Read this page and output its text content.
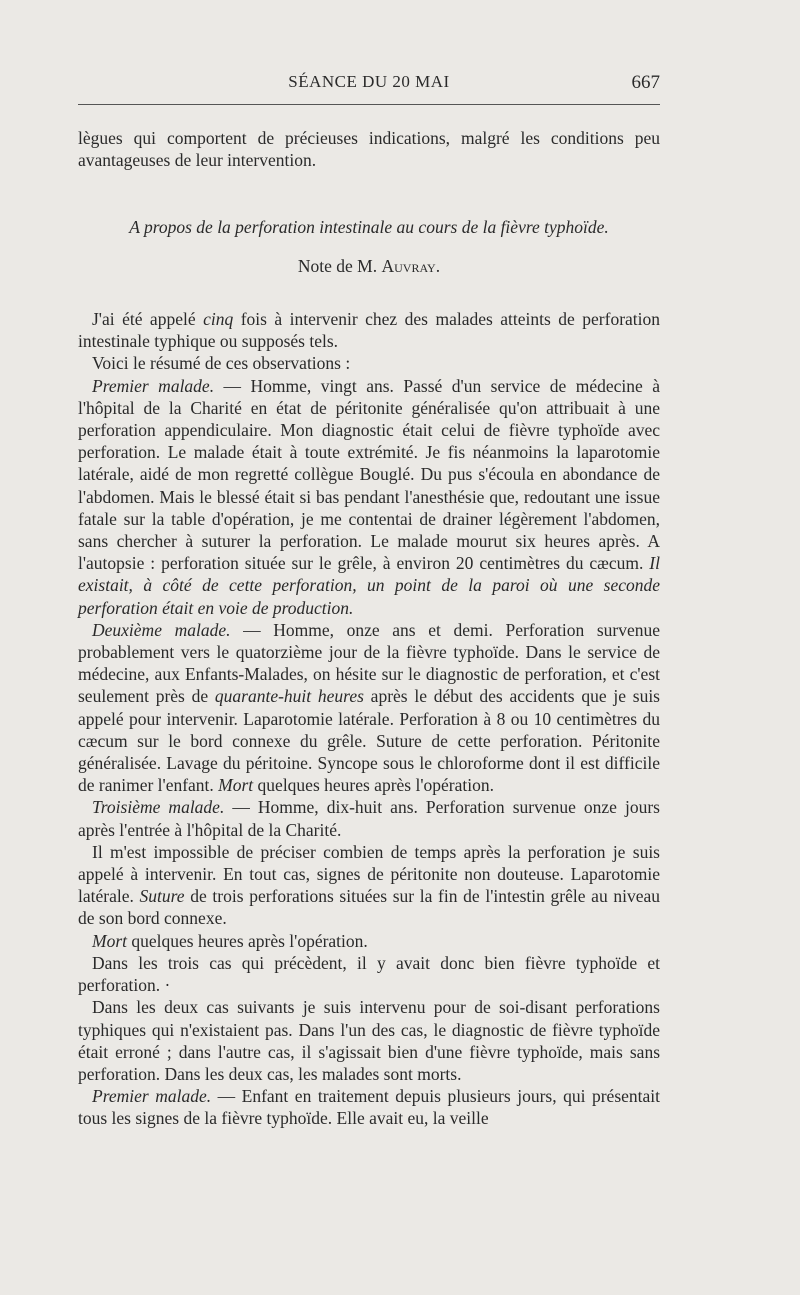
SÉANCE DU 20 MAI	667

lègues qui comportent de précieuses indications, malgré les conditions peu avantageuses de leur intervention.

A propos de la perforation intestinale au cours de la fièvre typhoïde.
Note de M. Auvray.

J'ai été appelé cinq fois à intervenir chez des malades atteints de perforation intestinale typhique ou supposés tels.

Voici le résumé de ces observations :

Premier malade. — Homme, vingt ans. Passé d'un service de médecine à l'hôpital de la Charité en état de péritonite généralisée qu'on attribuait à une perforation appendiculaire. Mon diagnostic était celui de fièvre typhoïde avec perforation. Le malade était à toute extrémité. Je fis néanmoins la laparotomie latérale, aidé de mon regretté collègue Bouglé. Du pus s'écoula en abondance de l'abdomen. Mais le blessé était si bas pendant l'anesthésie que, redoutant une issue fatale sur la table d'opération, je me contentai de drainer légèrement l'abdomen, sans chercher à suturer la perforation. Le malade mourut six heures après. A l'autopsie : perforation située sur le grêle, à environ 20 centimètres du cæcum. Il existait, à côté de cette perforation, un point de la paroi où une seconde perforation était en voie de production.

Deuxième malade. — Homme, onze ans et demi. Perforation survenue probablement vers le quatorzième jour de la fièvre typhoïde. Dans le service de médecine, aux Enfants-Malades, on hésite sur le diagnostic de perforation, et c'est seulement près de quarante-huit heures après le début des accidents que je suis appelé pour intervenir. Laparotomie latérale. Perforation à 8 ou 10 centimètres du cæcum sur le bord connexe du grêle. Suture de cette perforation. Péritonite généralisée. Lavage du péritoine. Syncope sous le chloroforme dont il est difficile de ranimer l'enfant. Mort quelques heures après l'opération.

Troisième malade. — Homme, dix-huit ans. Perforation survenue onze jours après l'entrée à l'hôpital de la Charité.

Il m'est impossible de préciser combien de temps après la perforation je suis appelé à intervenir. En tout cas, signes de péritonite non douteuse. Laparotomie latérale. Suture de trois perforations situées sur la fin de l'intestin grêle au niveau de son bord connexe.

Mort quelques heures après l'opération.

Dans les trois cas qui précèdent, il y avait donc bien fièvre typhoïde et perforation. ·

Dans les deux cas suivants je suis intervenu pour de soi-disant perforations typhiques qui n'existaient pas. Dans l'un des cas, le diagnostic de fièvre typhoïde était erroné ; dans l'autre cas, il s'agissait bien d'une fièvre typhoïde, mais sans perforation. Dans les deux cas, les malades sont morts.

Premier malade. — Enfant en traitement depuis plusieurs jours, qui présentait tous les signes de la fièvre typhoïde. Elle avait eu, la veille
